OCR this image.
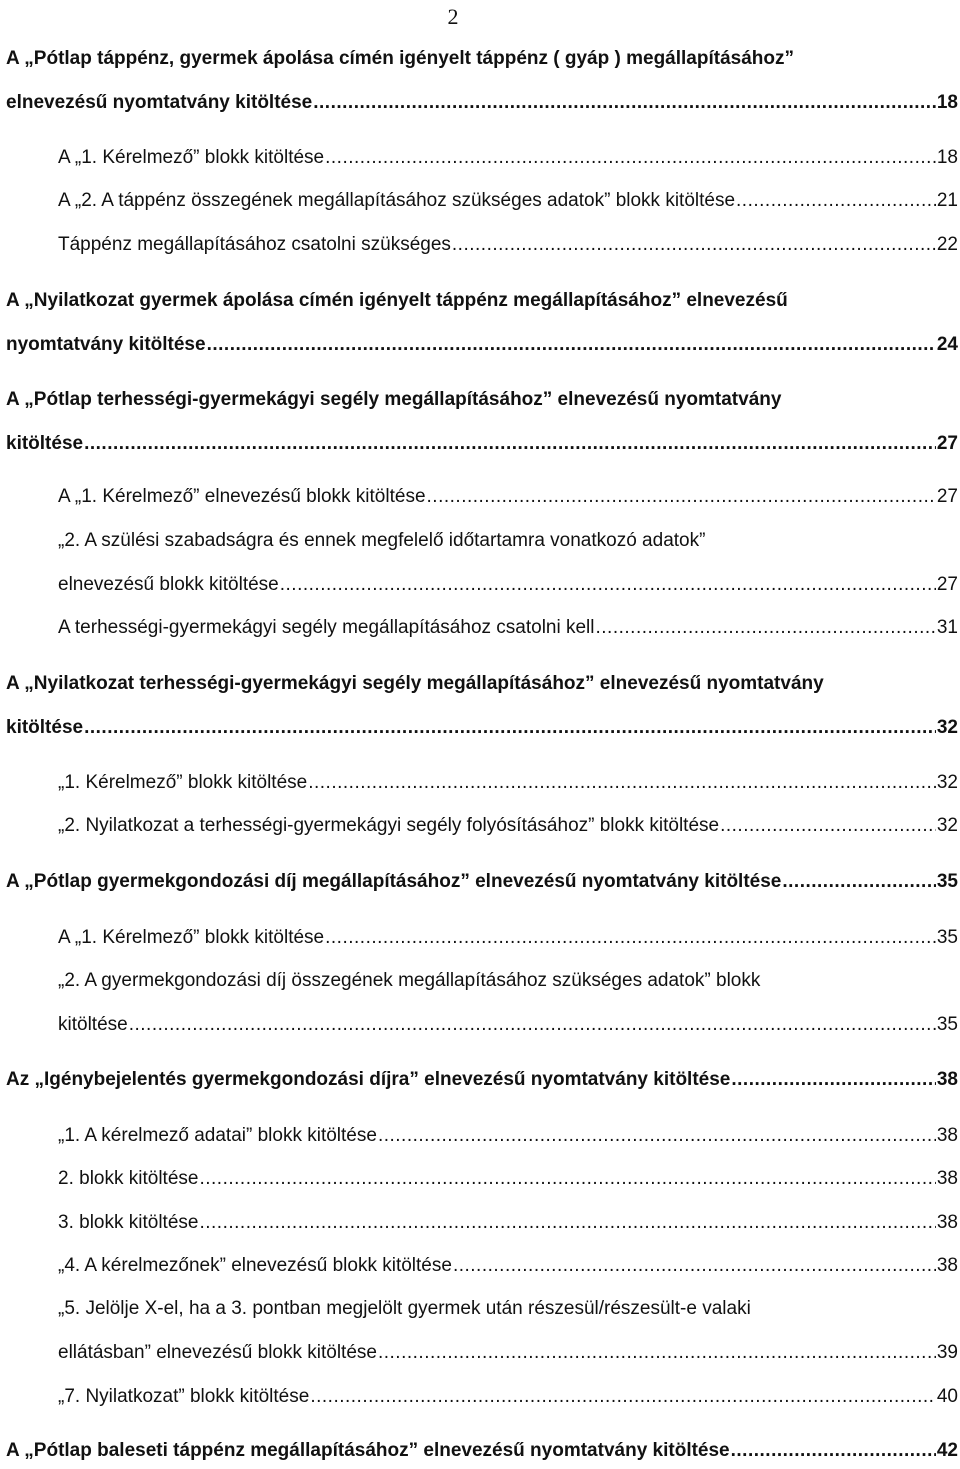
2
A „Pótlap táppénz, gyermek ápolása címén igényelt táppénz ( gyáp ) megállapításához”
elnevezésű nyomtatvány kitöltése .....	18
A „1. Kérelmező” blokk kitöltése .....	18
A „2. A táppénz összegének megállapításához szükséges adatok” blokk kitöltése .....	21
Táppénz megállapításához csatolni szükséges .....	22
A „Nyilatkozat gyermek ápolása címén igényelt táppénz megállapításához” elnevezésű
nyomtatvány kitöltése .....	24
A „Pótlap terhességi-gyermekágyi segély megállapításához” elnevezésű nyomtatvány
kitöltése .....	27
A „1. Kérelmező” elnevezésű blokk kitöltése .....	27
„2. A szülési szabadságra és ennek megfelelő időtartamra vonatkozó adatok”
elnevezésű blokk kitöltése .....	27
A terhességi-gyermekágyi segély megállapításához csatolni kell .....	31
A „Nyilatkozat terhességi-gyermekágyi segély megállapításához” elnevezésű nyomtatvány
kitöltése .....	32
„1. Kérelmező” blokk kitöltése .....	32
„2. Nyilatkozat a terhességi-gyermekágyi segély folyósításához” blokk kitöltése .....	32
A „Pótlap gyermekgondozási díj megállapításához” elnevezésű nyomtatvány kitöltése .....	35
A „1. Kérelmező” blokk kitöltése .....	35
„2. A gyermekgondozási díj összegének megállapításához szükséges adatok” blokk
kitöltése .....	35
Az „Igénybejelentés gyermekgondozási díjra” elnevezésű nyomtatvány kitöltése .....	38
„1. A kérelmező adatai” blokk kitöltése .....	38
2. blokk kitöltése .....	38
3. blokk kitöltése .....	38
„4. A kérelmezőnek” elnevezésű blokk kitöltése .....	38
„5. Jelölje X-el, ha a 3. pontban megjelölt gyermek után részesül/részesült-e valaki
ellátásban” elnevezésű blokk kitöltése .....	39
„7. Nyilatkozat” blokk kitöltése .....	40
A „Pótlap baleseti táppénz megállapításához” elnevezésű nyomtatvány kitöltése .....	42
